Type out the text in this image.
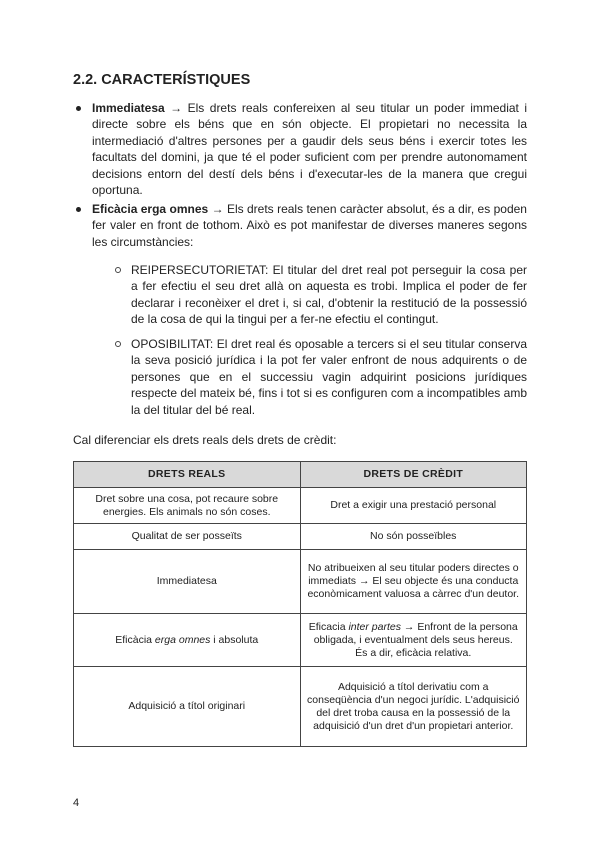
2.2. CARACTERÍSTIQUES

Immediatesa → Els drets reals confereixen al seu titular un poder immediat i directe sobre els béns que en són objecte. El propietari no necessita la intermediació d'altres persones per a gaudir dels seus béns i exercir totes les facultats del domini, ja que té el poder suficient com per prendre autonomament decisions entorn del destí dels béns i d'executar-les de la manera que cregui oportuna.

Eficàcia erga omnes → Els drets reals tenen caràcter absolut, és a dir, es poden fer valer en front de tothom. Això es pot manifestar de diverses maneres segons les circumstàncies:

REIPERSECUTORIETAT: El titular del dret real pot perseguir la cosa per a fer efectiu el seu dret allà on aquesta es trobi. Implica el poder de fer declarar i reconèixer el dret i, si cal, d'obtenir la restitució de la possessió de la cosa de qui la tingui per a fer-ne efectiu el contingut.

OPOSIBILITAT: El dret real és oposable a tercers si el seu titular conserva la seva posició jurídica i la pot fer valer enfront de nous adquirents o de persones que en el successiu vagin adquirint posicions jurídiques respecte del mateix bé, fins i tot si es configuren com a incompatibles amb la del titular del bé real.

Cal diferenciar els drets reals dels drets de crèdit:

DRETS REALS	DRETS DE CRÈDIT
Dret sobre una cosa, pot recaure sobre energies. Els animals no són coses.	Dret a exigir una prestació personal
Qualitat de ser posseïts	No són posseïbles
Immediatesa	No atribueixen al seu titular poders directes o immediats → El seu objecte és una conducta econòmicament valuosa a càrrec d'un deutor.
Eficàcia erga omnes i absoluta	Eficacia inter partes → Enfront de la persona obligada, i eventualment dels seus hereus. És a dir, eficàcia relativa.
Adquisició a títol originari	Adquisició a títol derivatiu com a conseqüència d'un negoci jurídic. L'adquisició del dret troba causa en la possessió de la adquisició d'un dret d'un propietari anterior.

4
